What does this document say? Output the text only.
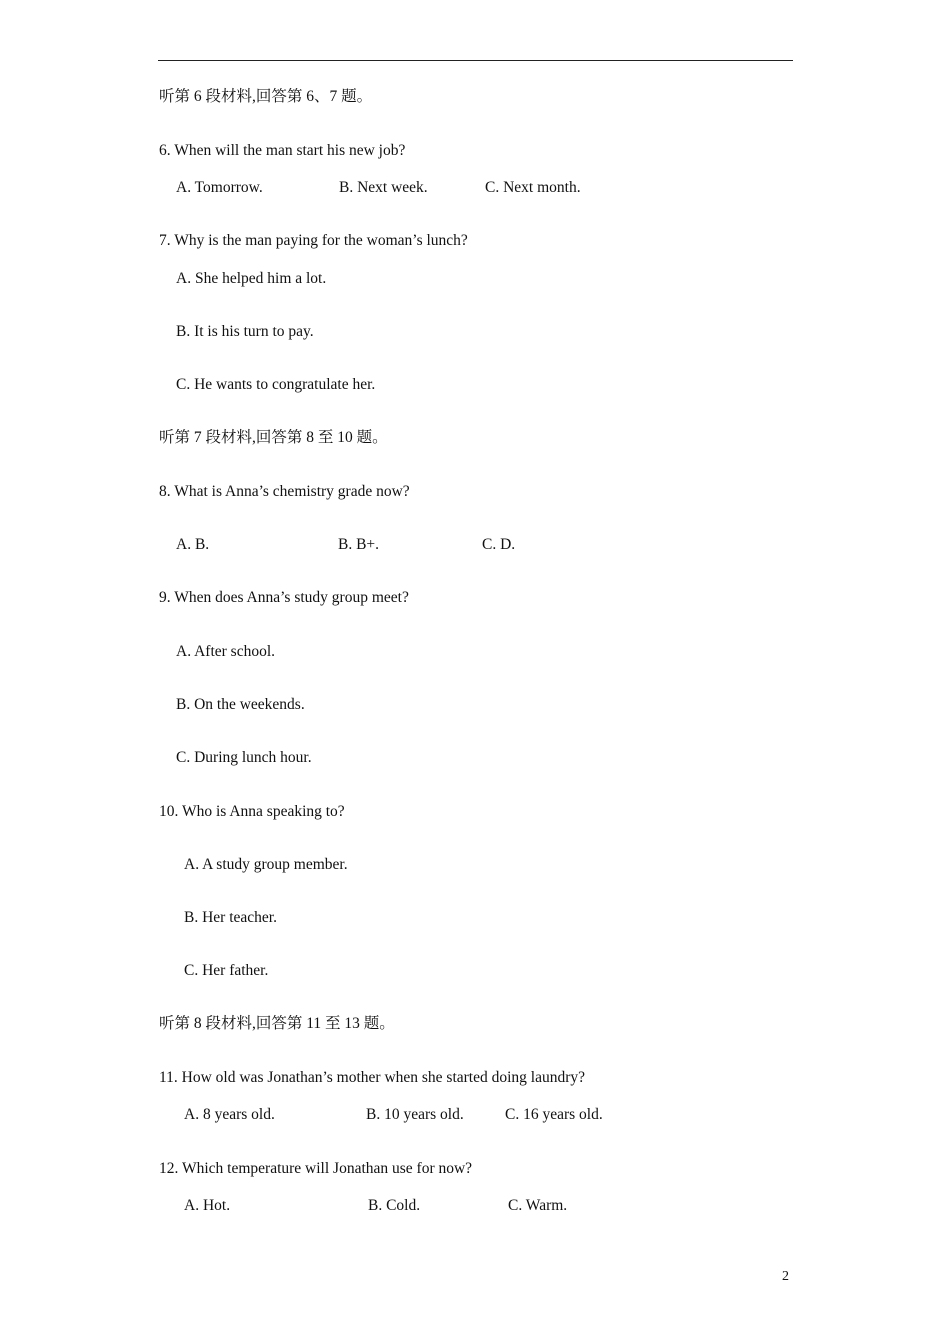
听第 6 段材料,回答第 6、7 题。
6. When will the man start his new job?
A. Tomorrow.	B. Next week.	C. Next month.
7. Why is the man paying for the woman’s lunch?
A. She helped him a lot.
B. It is his turn to pay.
C. He wants to congratulate her.
听第 7 段材料,回答第 8 至 10 题。
8. What is Anna’s chemistry grade now?
A. B.	B. B+.	C. D.
9. When does Anna’s study group meet?
A. After school.
B. On the weekends.
C. During lunch hour.
10. Who is Anna speaking to?
A. A study group member.
B. Her teacher.
C. Her father.
听第 8 段材料,回答第 11 至 13 题。
11. How old was Jonathan’s mother when she started doing laundry?
A. 8 years old.	B. 10 years old.	C. 16 years old.
12. Which temperature will Jonathan use for now?
A. Hot.	B. Cold.	C. Warm.
2
